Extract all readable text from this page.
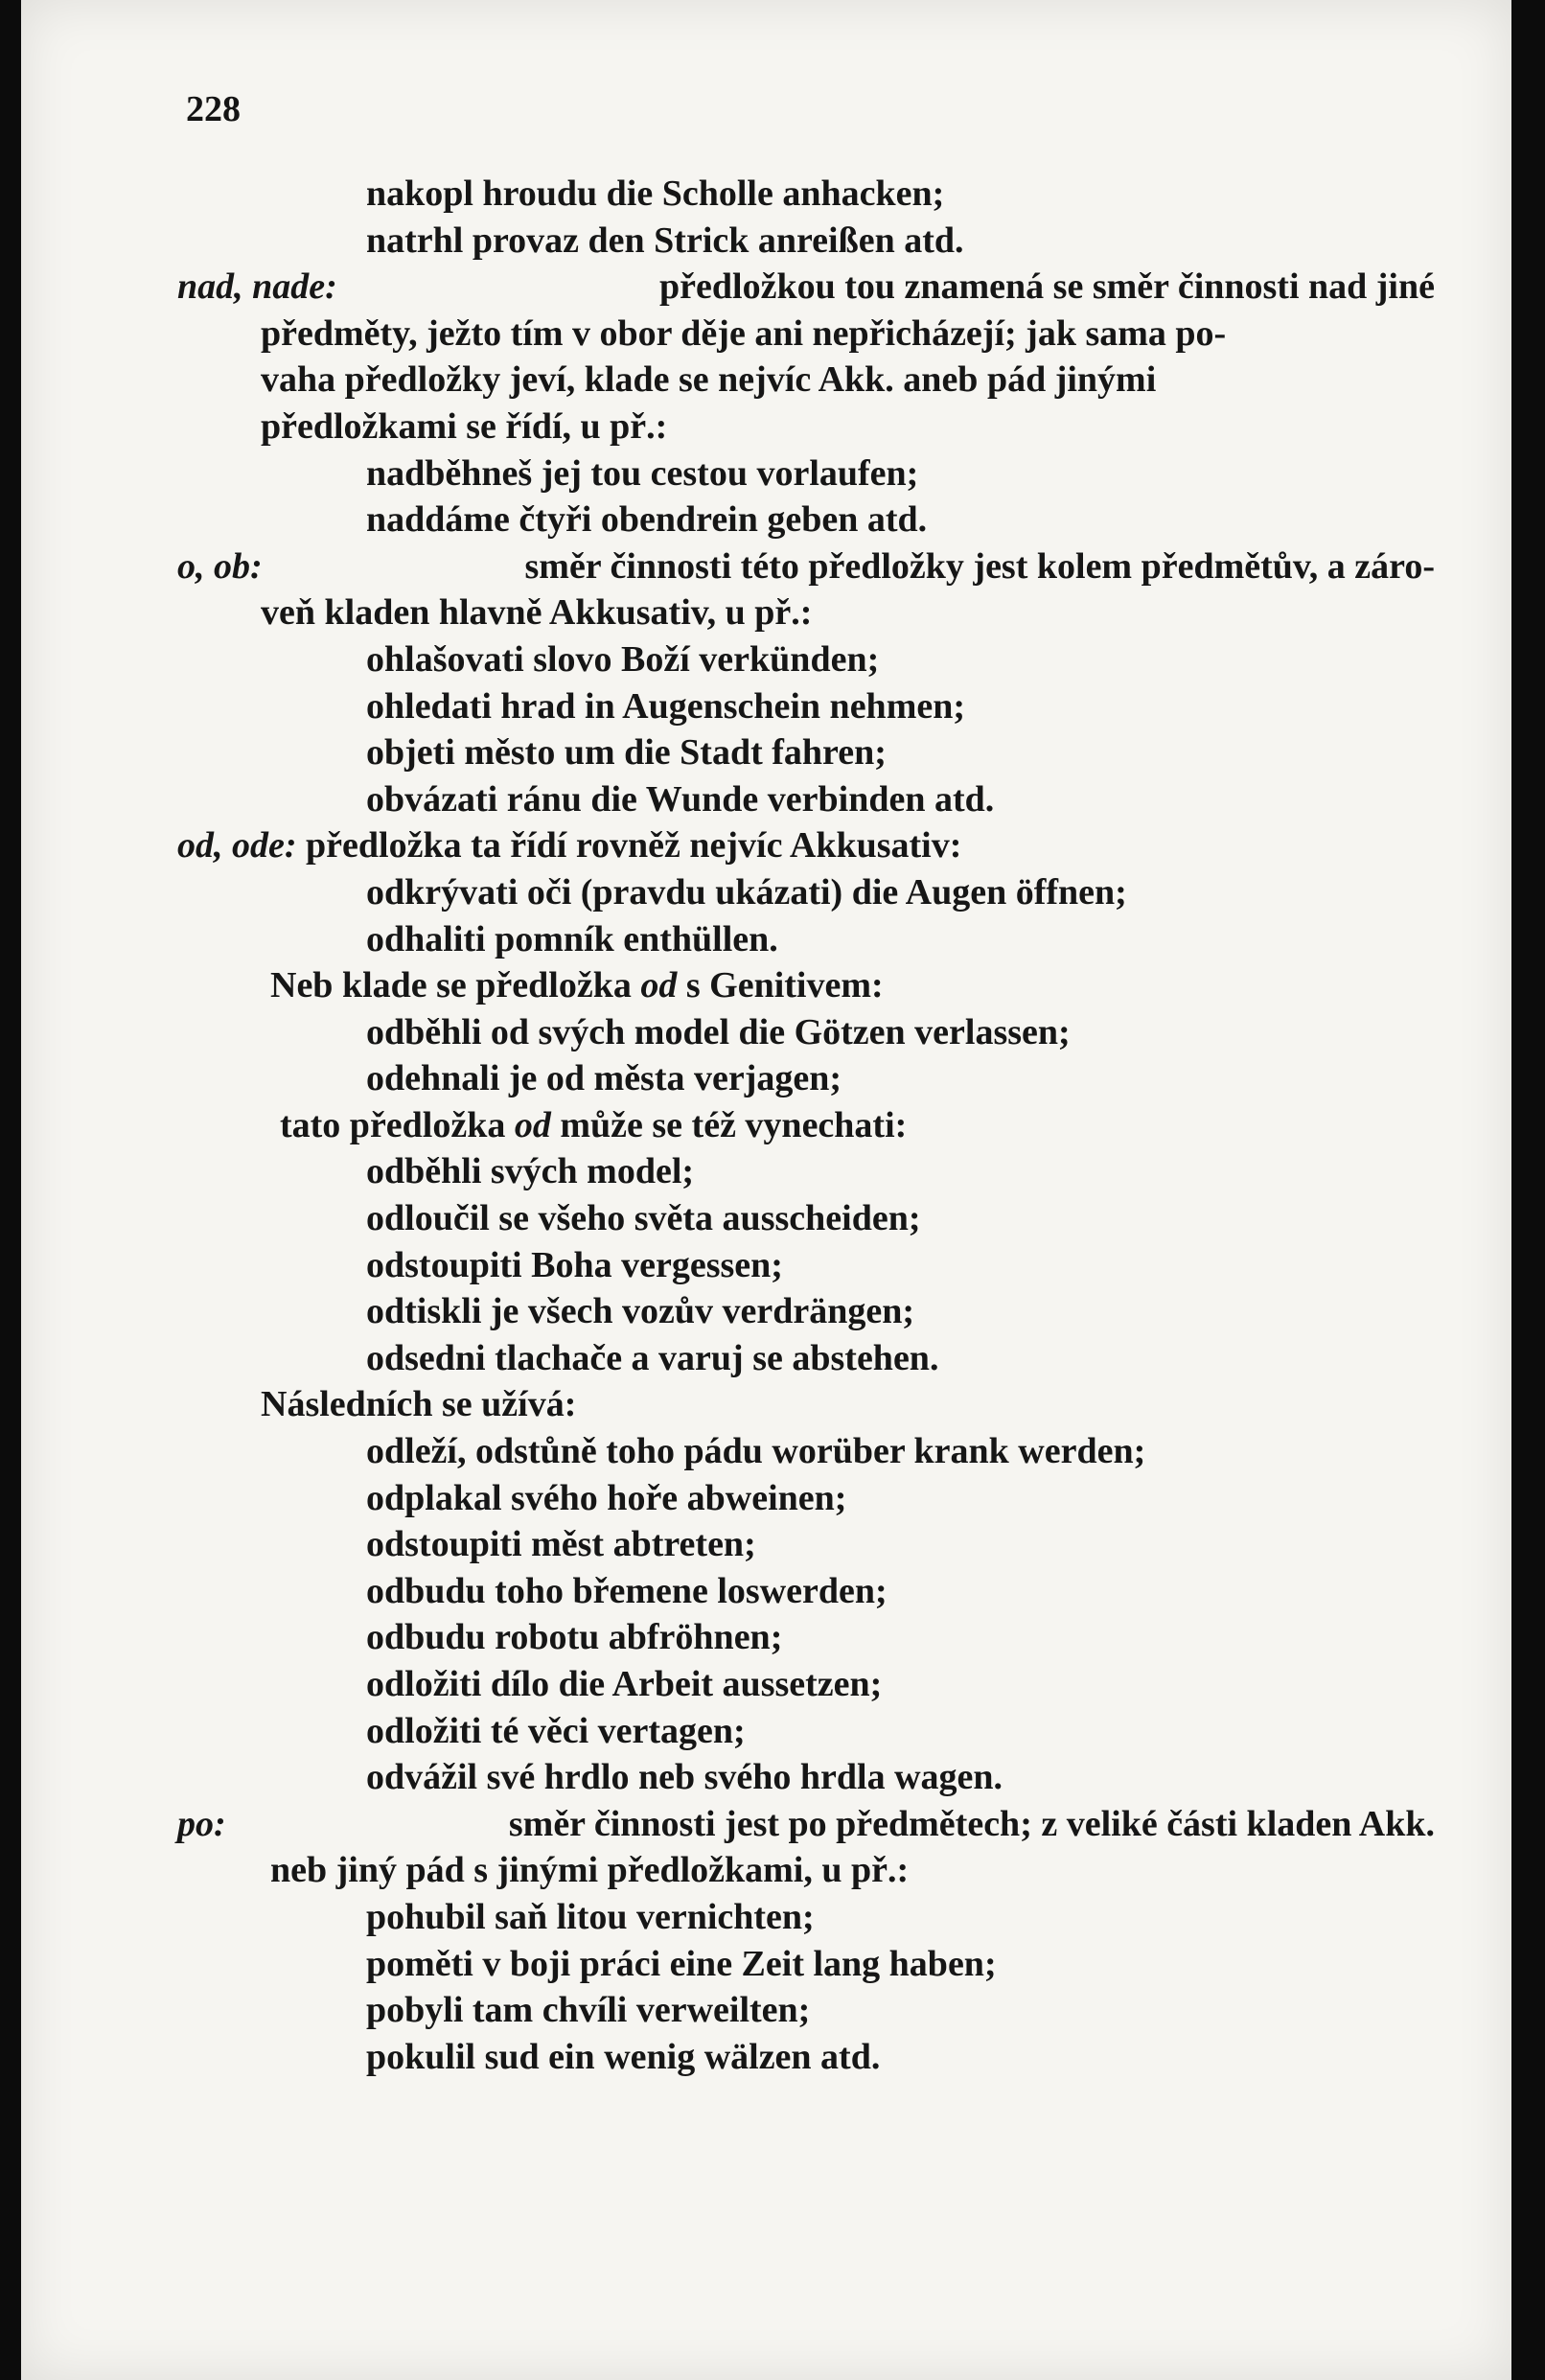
228
nakopl hroudu die Scholle anhacken;
natrhl provaz den Strick anreißen atd.
nad, nade:	předložkou tou znamená se směr činnosti nad jiné
předměty, ježto tím v obor děje ani nepřicházejí; jak sama po-
vaha předložky jeví, klade se nejvíc Akk. aneb pád jinými
předložkami se řídí, u př.:
nadběhneš jej tou cestou vorlaufen;
naddáme čtyři obendrein geben atd.
o, ob:	směr činnosti této předložky jest kolem předmětův, a záro-
veň kladen hlavně Akkusativ, u př.:
ohlašovati slovo Boží verkünden;
ohledati hrad in Augenschein nehmen;
objeti město um die Stadt fahren;
obvázati ránu die Wunde verbinden atd.
od, ode: předložka ta řídí rovněž nejvíc Akkusativ:
odkrývati oči (pravdu ukázati) die Augen öffnen;
odhaliti pomník enthüllen.
Neb klade se předložka od s Genitivem:
odběhli od svých model die Götzen verlassen;
odehnali je od města verjagen;
tato předložka od může se též vynechati:
odběhli svých model;
odloučil se všeho světa ausscheiden;
odstoupiti Boha vergessen;
odtiskli je všech vozův verdrängen;
odsedni tlachače a varuj se abstehen.
Následních se užívá:
odleží, odstůně toho pádu worüber krank werden;
odplakal svého hoře abweinen;
odstoupiti měst abtreten;
odbudu toho břemene loswerden;
odbudu robotu abfröhnen;
odložiti dílo die Arbeit aussetzen;
odložiti té věci vertagen;
odvážil své hrdlo neb svého hrdla wagen.
po:	směr činnosti jest po předmětech; z veliké části kladen Akk.
neb jiný pád s jinými předložkami, u př.:
pohubil saň litou vernichten;
poměti v boji práci eine Zeit lang haben;
pobyli tam chvíli verweilten;
pokulil sud ein wenig wälzen atd.
